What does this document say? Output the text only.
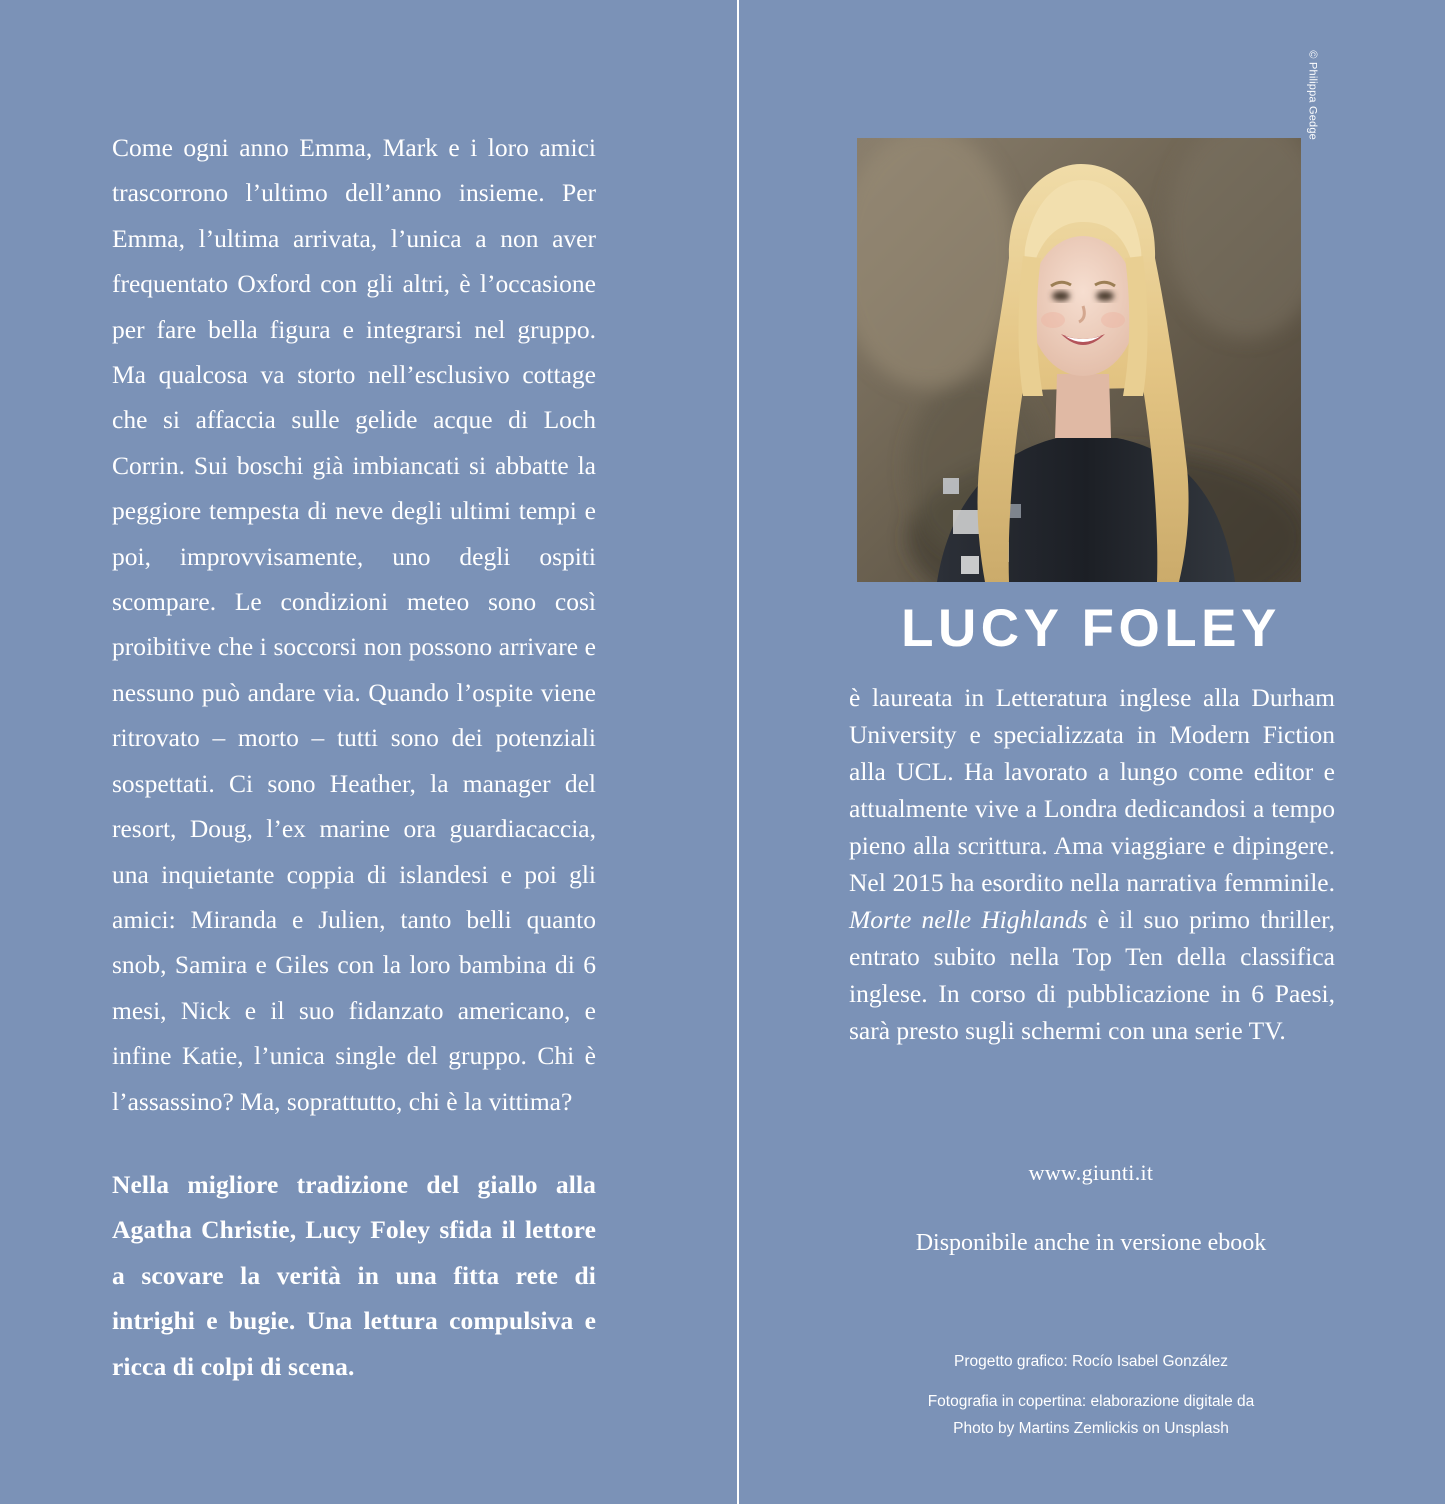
Come ogni anno Emma, Mark e i loro amici trascorrono l’ultimo dell’anno insieme. Per Emma, l’ultima arrivata, l’unica a non aver frequentato Oxford con gli altri, è l’occasione per fare bella figura e integrarsi nel gruppo. Ma qualcosa va storto nell’esclusivo cottage che si affaccia sulle gelide acque di Loch Corrin. Sui boschi già imbiancati si abbatte la peggiore tempesta di neve degli ultimi tempi e poi, improvvisamente, uno degli ospiti scompare. Le condizioni meteo sono così proibitive che i soccorsi non possono arrivare e nessuno può andare via. Quando l’ospite viene ritrovato – morto – tutti sono dei potenziali sospettati. Ci sono Heather, la manager del resort, Doug, l’ex marine ora guardiacaccia, una inquietante coppia di islandesi e poi gli amici: Miranda e Julien, tanto belli quanto snob, Samira e Giles con la loro bambina di 6 mesi, Nick e il suo fidanzato americano, e infine Katie, l’unica single del gruppo. Chi è l’assassino? Ma, soprattutto, chi è la vittima?

Nella migliore tradizione del giallo alla Agatha Christie, Lucy Foley sfida il lettore a scovare la verità in una fitta rete di intrighi e bugie. Una lettura compulsiva e ricca di colpi di scena.

© Philippa Gedge
LUCY FOLEY
è laureata in Letteratura inglese alla Durham University e specializzata in Modern Fiction alla UCL. Ha lavorato a lungo come editor e attualmente vive a Londra dedicandosi a tempo pieno alla scrittura. Ama viaggiare e dipingere. Nel 2015 ha esordito nella narrativa femminile. Morte nelle Highlands è il suo primo thriller, entrato subito nella Top Ten della classifica inglese. In corso di pubblicazione in 6 Paesi, sarà presto sugli schermi con una serie TV.
www.giunti.it
Disponibile anche in versione ebook
Progetto grafico: Rocío Isabel González
Fotografia in copertina: elaborazione digitale da
Photo by Martins Zemlickis on Unsplash
